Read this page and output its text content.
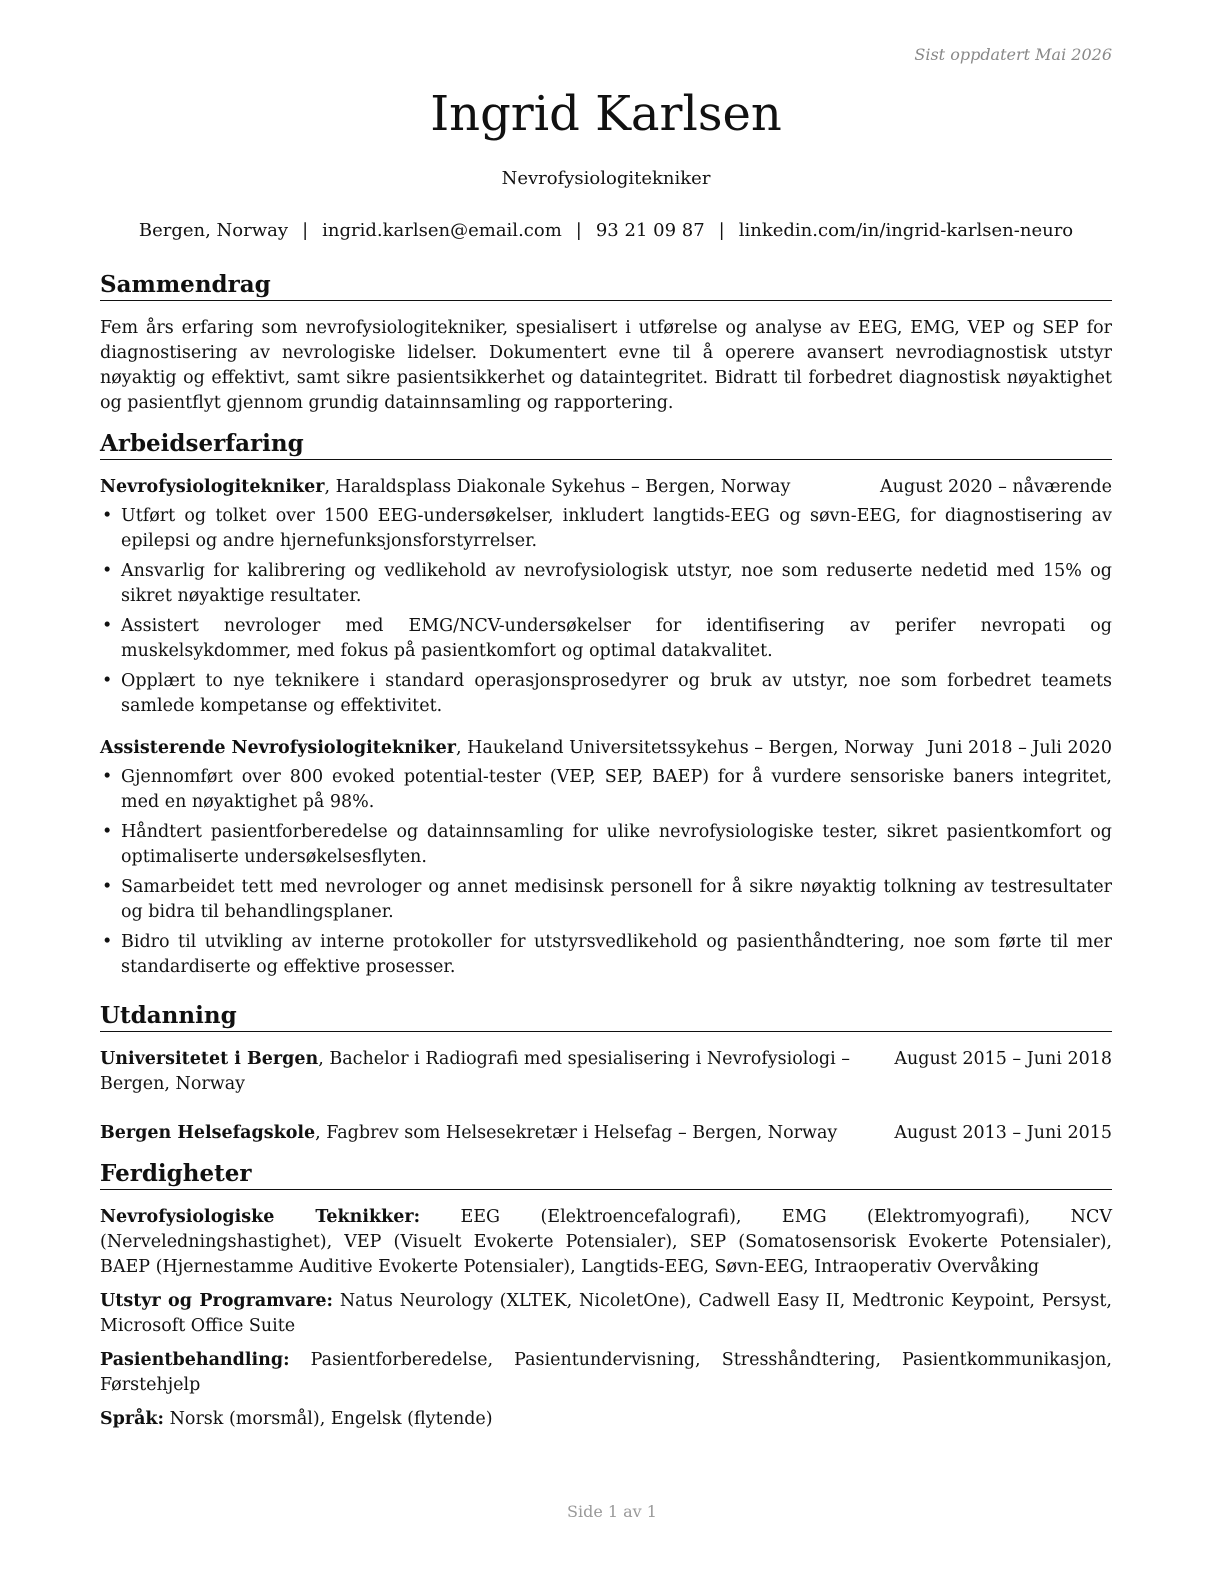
Sist oppdatert Mai 2026
Ingrid Karlsen
Nevrofysiologitekniker
Bergen, Norway | ingrid.karlsen@email.com | 93 21 09 87 | linkedin.com/in/ingrid-karlsen-neuro
Sammendrag

Fem års erfaring som nevrofysiologitekniker, spesialisert i utførelse og analyse av EEG, EMG, VEP og SEP for diagnostisering av nevrologiske lidelser. Dokumentert evne til å operere avansert nevrodiagnostisk utstyr nøyaktig og effektivt, samt sikre pasientsikkerhet og dataintegritet. Bidratt til forbedret diagnostisk nøyaktighet og pasientflyt gjennom grundig datainnsamling og rapportering.

Arbeidserfaring
Nevrofysiologitekniker, Haraldsplass Diakonale Sykehus – Bergen, Norway	August 2020 – nåværende
• Utført og tolket over 1500 EEG-undersøkelser, inkludert langtids-EEG og søvn-EEG, for diagnostisering av epilepsi og andre hjernefunksjonsforstyrrelser.
• Ansvarlig for kalibrering og vedlikehold av nevrofysiologisk utstyr, noe som reduserte nedetid med 15% og sikret nøyaktige resultater.
• Assistert nevrologer med EMG/NCV-undersøkelser for identifisering av perifer nevropati og muskelsykdommer, med fokus på pasientkomfort og optimal datakvalitet.
• Opplært to nye teknikere i standard operasjonsprosedyrer og bruk av utstyr, noe som forbedret teamets samlede kompetanse og effektivitet.
Assisterende Nevrofysiologitekniker, Haukeland Universitetssykehus – Bergen, Norway Juni 2018 – Juli 2020
• Gjennomført over 800 evoked potential-tester (VEP, SEP, BAEP) for å vurdere sensoriske baners integritet, med en nøyaktighet på 98%.
• Håndtert pasientforberedelse og datainnsamling for ulike nevrofysiologiske tester, sikret pasientkomfort og optimaliserte undersøkelsesflyten.
• Samarbeidet tett med nevrologer og annet medisinsk personell for å sikre nøyaktig tolkning av testresultater og bidra til behandlingsplaner.
• Bidro til utvikling av interne protokoller for utstyrsvedlikehold og pasienthåndtering, noe som førte til mer standardiserte og effektive prosesser.
Utdanning
Universitetet i Bergen, Bachelor i Radiografi med spesialisering i Nevrofysiologi – Bergen, Norway
August 2015 – Juni 2018
Bergen Helsefagskole, Fagbrev som Helsesekretær i Helsefag – Bergen, Norway	August 2013 – Juni 2015
Ferdigheter

Nevrofysiologiske Teknikker: EEG (Elektroencefalografi), EMG (Elektromyografi), NCV (Nerveledningshastighet), VEP (Visuelt Evokerte Potensialer), SEP (Somatosensorisk Evokerte Potensialer), BAEP (Hjernestamme Auditive Evokerte Potensialer), Langtids-EEG, Søvn-EEG, Intraoperativ Overvåking

Utstyr og Programvare: Natus Neurology (XLTEK, NicoletOne), Cadwell Easy II, Medtronic Keypoint, Persyst, Microsoft Office Suite

Pasientbehandling: Pasientforberedelse, Pasientundervisning, Stresshåndtering, Pasientkommunikasjon, Førstehjelp

Språk: Norsk (morsmål), Engelsk (flytende)

Side 1 av 1
